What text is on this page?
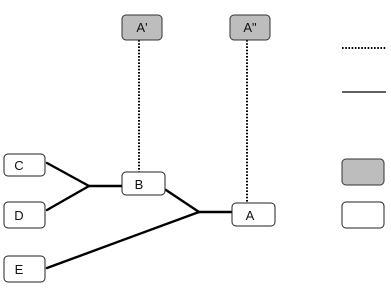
A'	A"
C
D
E
B
A
